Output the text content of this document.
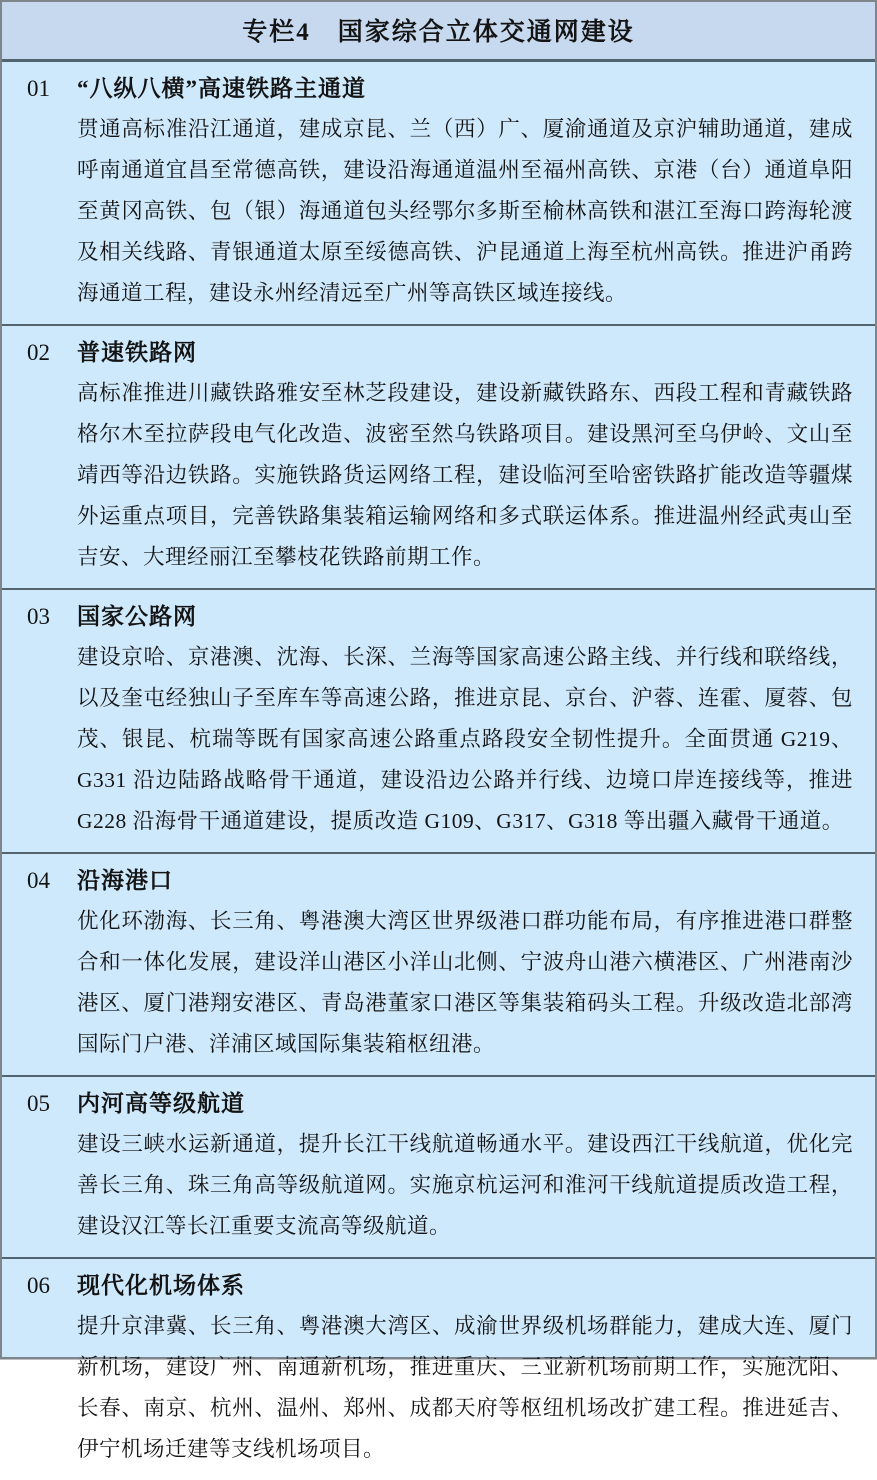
专栏4　国家综合立体交通网建设
01	“八纵八横”高速铁路主通道

贯通高标准沿江通道，建成京昆、兰（西）广、厦渝通道及京沪辅助通道，建成呼南通道宜昌至常德高铁，建设沿海通道温州至福州高铁、京港（台）通道阜阳至黄冈高铁、包（银）海通道包头经鄂尔多斯至榆林高铁和湛江至海口跨海轮渡及相关线路、青银通道太原至绥德高铁、沪昆通道上海至杭州高铁。推进沪甬跨海通道工程，建设永州经清远至广州等高铁区域连接线。

02	普速铁路网

高标准推进川藏铁路雅安至林芝段建设，建设新藏铁路东、西段工程和青藏铁路格尔木至拉萨段电气化改造、波密至然乌铁路项目。建设黑河至乌伊岭、文山至靖西等沿边铁路。实施铁路货运网络工程，建设临河至哈密铁路扩能改造等疆煤外运重点项目，完善铁路集装箱运输网络和多式联运体系。推进温州经武夷山至吉安、大理经丽江至攀枝花铁路前期工作。

03	国家公路网

建设京哈、京港澳、沈海、长深、兰海等国家高速公路主线、并行线和联络线，以及奎屯经独山子至库车等高速公路，推进京昆、京台、沪蓉、连霍、厦蓉、包茂、银昆、杭瑞等既有国家高速公路重点路段安全韧性提升。全面贯通 G219、G331 沿边陆路战略骨干通道，建设沿边公路并行线、边境口岸连接线等，推进 G228 沿海骨干通道建设，提质改造 G109、G317、G318 等出疆入藏骨干通道。

04	沿海港口

优化环渤海、长三角、粤港澳大湾区世界级港口群功能布局，有序推进港口群整合和一体化发展，建设洋山港区小洋山北侧、宁波舟山港六横港区、广州港南沙港区、厦门港翔安港区、青岛港董家口港区等集装箱码头工程。升级改造北部湾国际门户港、洋浦区域国际集装箱枢纽港。

05	内河高等级航道

建设三峡水运新通道，提升长江干线航道畅通水平。建设西江干线航道，优化完善长三角、珠三角高等级航道网。实施京杭运河和淮河干线航道提质改造工程，建设汉江等长江重要支流高等级航道。

06	现代化机场体系

提升京津冀、长三角、粤港澳大湾区、成渝世界级机场群能力，建成大连、厦门新机场，建设广州、南通新机场，推进重庆、三亚新机场前期工作，实施沈阳、长春、南京、杭州、温州、郑州、成都天府等枢纽机场改扩建工程。推进延吉、伊宁机场迁建等支线机场项目。
